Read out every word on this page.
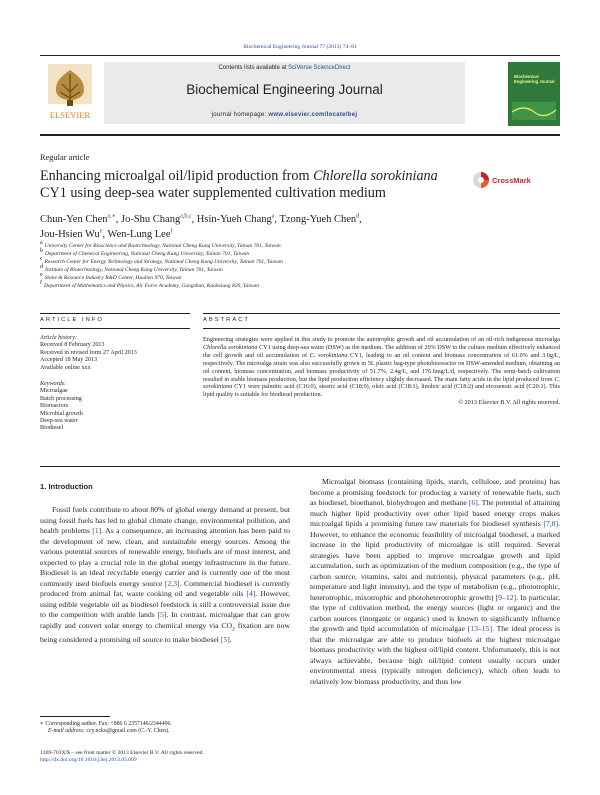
Biochemical Engineering Journal 77 (2013) 74–81
ELSEVIER
Contents lists available at SciVerse ScienceDirect
Biochemical Engineering Journal
journal homepage: www.elsevier.com/locate/bej
Biochemical Engineering Journal
Regular article
Enhancing microalgal oil/lipid production from Chlorella sorokiniana CY1 using deep-sea water supplemented cultivation medium
CrossMark
Chun-Yen Chen$^{a,∗}$, Jo-Shu Chang$^{a,b,c}$, Hsin-Yueh Chang$^a$, Tzong-Yueh Chen$^d$,
Jou-Hsien Wu$^e$, Wen-Lung Lee$^f$
$^a$ University Center for Bioscience and Biotechnology, National Cheng Kung University, Tainan 701, Taiwan
$^b$ Department of Chemical Engineering, National Cheng Kung University, Tainan 701, Taiwan
$^c$ Research Center for Energy Technology and Strategy, National Cheng Kung University, Tainan 701, Taiwan
$^d$ Institute of Biotechnology, National Cheng Kung University, Tainan 701, Taiwan
$^e$ Stone & Resource Industry R&D Center, Hualien 970, Taiwan
$^f$ Department of Mathematics and Physics, Air Force Academy, Gangshan, Kaohsiung 820, Taiwan
ARTICLE INFO	ABSTRACT
Article history:
Received 8 February 2013
Received in revised form 27 April 2013
Accepted 18 May 2013
Available online xxx
Keywords:
Microalgae
Batch processing
Bioreactors
Microbial growth
Deep-sea water
Biodiesel
Engineering strategies were applied in this study to promote the autotrophic growth and oil accumulation of an oil-rich indigenous microalga Chlorella sorokiniana CY1 using deep-sea water (DSW) as the medium. The addition of 20% DSW to the culture medium effectively enhanced the cell growth and oil accumulation of C. sorokiniana CY1, leading to an oil content and biomass concentration of 61.0% and 3.0g/L, respectively. The microalga strain was also successfully grown in 5L plastic bag-type photobioreactor on DSW-amended medium, obtaining an oil content, biomass concentration, and biomass productivity of 51.7%, 2.4g/L, and 176.6mg/L/d, respectively. The semi-batch cultivation resulted in stable biomass production, but the lipid production efficiency slightly decreased. The main fatty acids in the lipid produced from C. sorokiniana CY1 were palmitic acid (C16:0), stearic acid (C18:0), oleic acid (C18:1), linoleic acid (C18:2) and eicosenoic acid (C20:1). This lipid quality is suitable for biodiesel production.
© 2013 Elsevier B.V. All rights reserved.
1. Introduction
Fossil fuels contribute to about 80% of global energy demand at present, but using fossil fuels has led to global climate change, environmental pollution, and health problems [1]. As a consequence, an increasing attention has been paid to the development of new, clean, and sustainable energy sources. Among the various potential sources of renewable energy, biofuels are of most interest, and expected to play a crucial role in the global energy infrastructure in the future. Biodiesel is an ideal recyclable energy carrier and is currently one of the most commonly used biofuels energy source [2,3]. Commercial biodiesel is currently produced from animal fat, waste cooking oil and vegetable oils [4]. However, using edible vegetable oil as biodiesel feedstock is still a controversial issue due to the competition with arable lands [5]. In contrast, microalgae that can grow rapidly and convert solar energy to chemical energy via $CO_2$ fixation are now being considered a promising oil source to make biodiesel [5].
Microalgal biomass (containing lipids, starch, cellulose, and proteins) has become a promising feedstock for producing a variety of renewable fuels, such as biodiesel, bioethanol, biohydrogen and methane [6]. The potential of attaining much higher lipid productivity over other lipid based energy crops makes microalgal lipids a promising future raw materials for biodiesel synthesis [7,8]. However, to enhance the economic feasibility of microalgal biodiesel, a marked increase in the lipid productivity of microalgae is still required. Several strategies have been applied to improve microalgae growth and lipid accumulation, such as optimization of the medium composition (e.g., the type of carbon source, vitamins, salts and nutrients), physical parameters (e.g., pH, temperature and light intensity), and the type of metabolism (e.g., phototrophic, heterotrophic, mixotrophic and photoheterotrophic growth) [9–12]. In particular, the type of cultivation method, the energy sources (light or organic) and the carbon sources (inorganic or organic) used is known to significantly influence the growth and lipid accumulation of microalgae [13–15]. The ideal process is that the microalgae are able to produce biofuels at the highest microalgae biomass productivity with the highest oil/lipid content. Unfortunately, this is not always achievable, because high oil/lipid content usually occurs under environmental stress (typically nitrogen deficiency), which often leads to relatively low biomass productivity, and thus low
∗ Corresponding author. Fax: +886 6 2357146/2344496.
E-mail address: ccy.ncku@gmail.com (C.-Y. Chen).
1369-703X/$ – see front matter © 2013 Elsevier B.V. All rights reserved.
http://dx.doi.org/10.1016/j.bej.2013.05.009
